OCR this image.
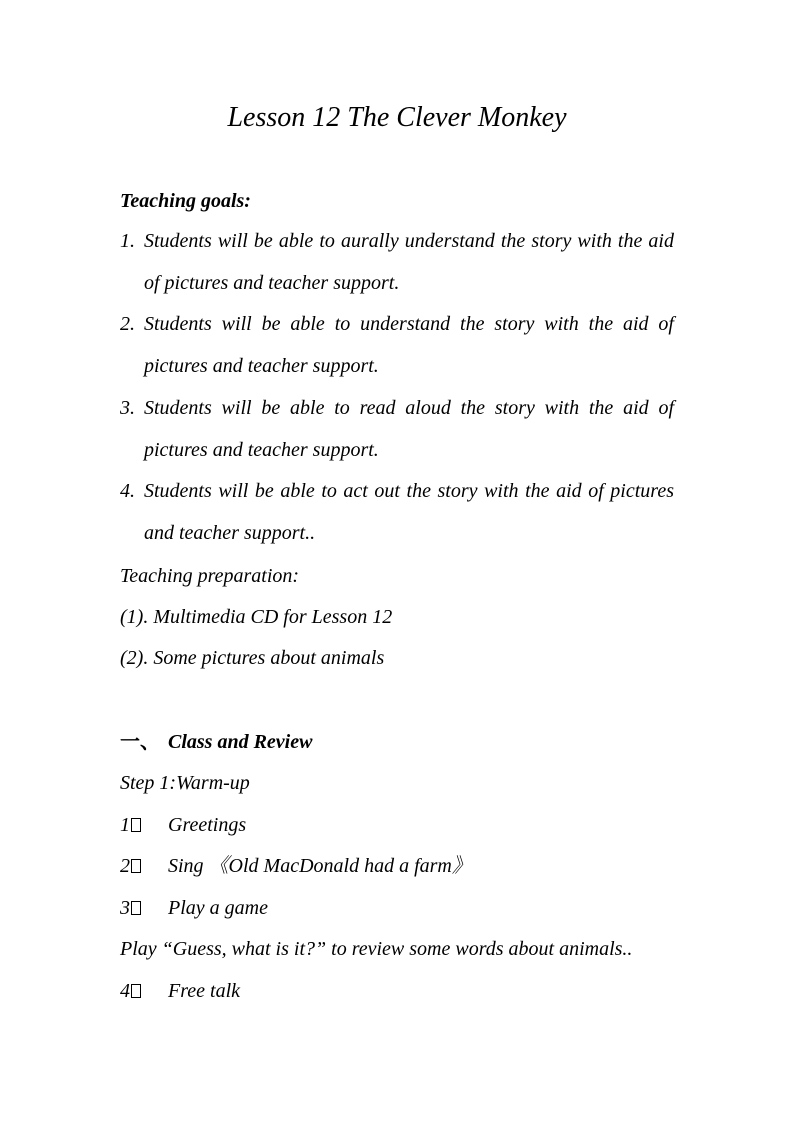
Lesson 12 The Clever Monkey
Teaching goals:
1. Students will be able to aurally understand the story with the aid of pictures and teacher support.
2. Students will be able to understand the story with the aid of pictures and teacher support.
3. Students will be able to read aloud the story with the aid of pictures and teacher support.
4. Students will be able to act out the story with the aid of pictures and teacher support..
Teaching preparation:
(1). Multimedia CD for Lesson 12
(2). Some pictures about animals
一、 Class and Review
Step 1:Warm-up
1 Greetings
2 Sing 《Old MacDonald had a farm》
3 Play a game
Play “Guess, what is it?” to review some words about animals..
4 Free talk
